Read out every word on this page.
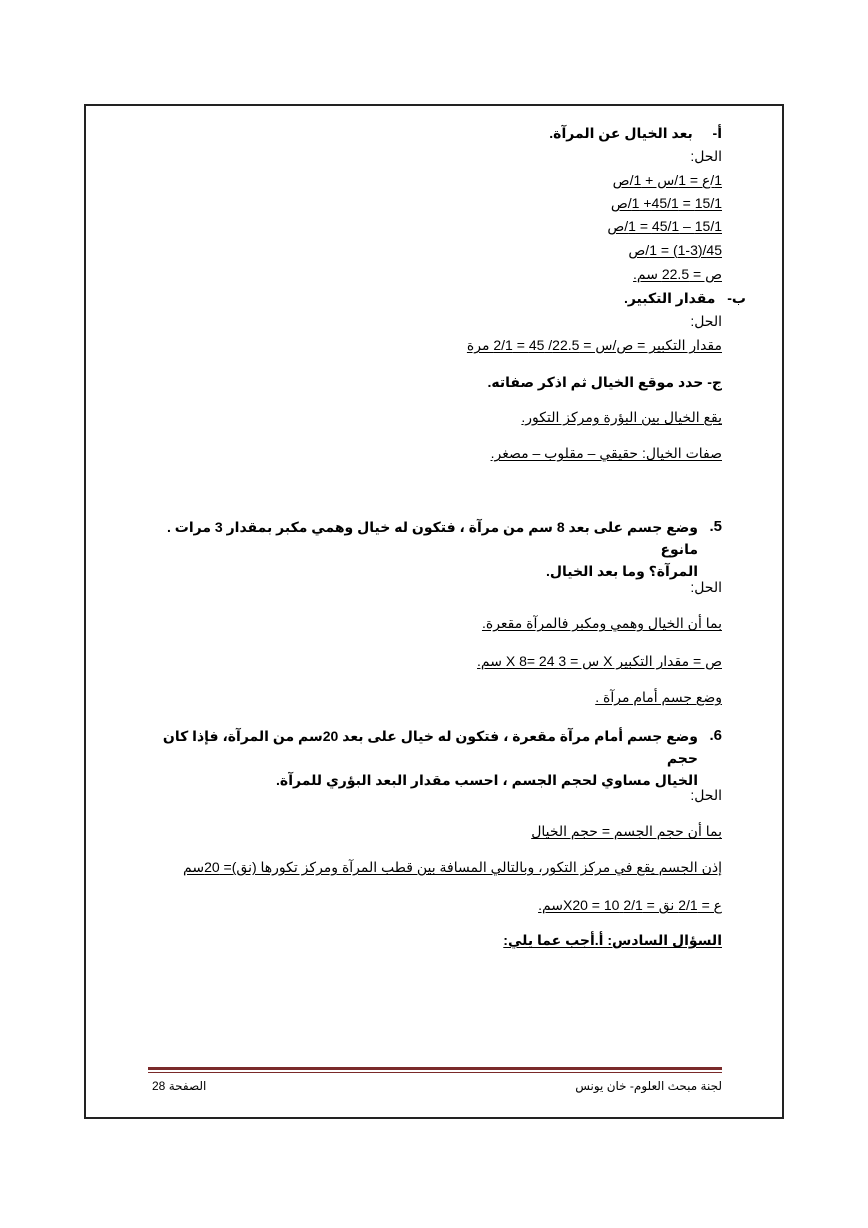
أ-  بعد الخيال عن المرآة.
الحل:
1/ع = 1/س + 1/ص
15/1 = 45/1+ 1/ص
15/1 – 45/1 = 1/ص
45/(1-3) = 1/ص
ص = 22.5 سم.
ب-  مقدار التكبير.
الحل:
مقدار التكبير = ص/س = 22.5/ 45 = 2/1 مرة
ج- حدد موقع الخيال ثم اذكر صفاته.
يقع الخيال بين البؤرة ومركز التكور.
صفات الخيال: حقيقي – مقلوب – مصغر.
5.
وضع جسم على بعد 8 سم من مرآة ، فتكون له خيال وهمي مكبر بمقدار 3 مرات . مانوع
المرآة؟ وما بعد الخيال.
الحل:
بما أن الخيال وهمي ومكبر فالمرآة مقعرة.
ص = مقدار التكبير X س = 3 X 8= 24 سم.
وضع جسم أمام مرآة .
6.
وضع جسم أمام مرآة مقعرة ، فتكون له خيال على بعد 20سم من المرآة، فإذا كان حجم
الخيال مساوي لحجم الجسم ، احسب مقدار البعد البؤري للمرآة.
الحل:
بما أن حجم الجسم = حجم الخيال
إذن الجسم يقع في مركز التكور، وبالتالي المسافة بين قطب المرآة ومركز تكورها (نق)= 20سم
ع = 2/1 نق = 2/1 X20 = 10سم.
السؤال السادس: أ.أجب عما يلي:
لجنة مبحث العلوم- خان يونس
الصفحة 28
